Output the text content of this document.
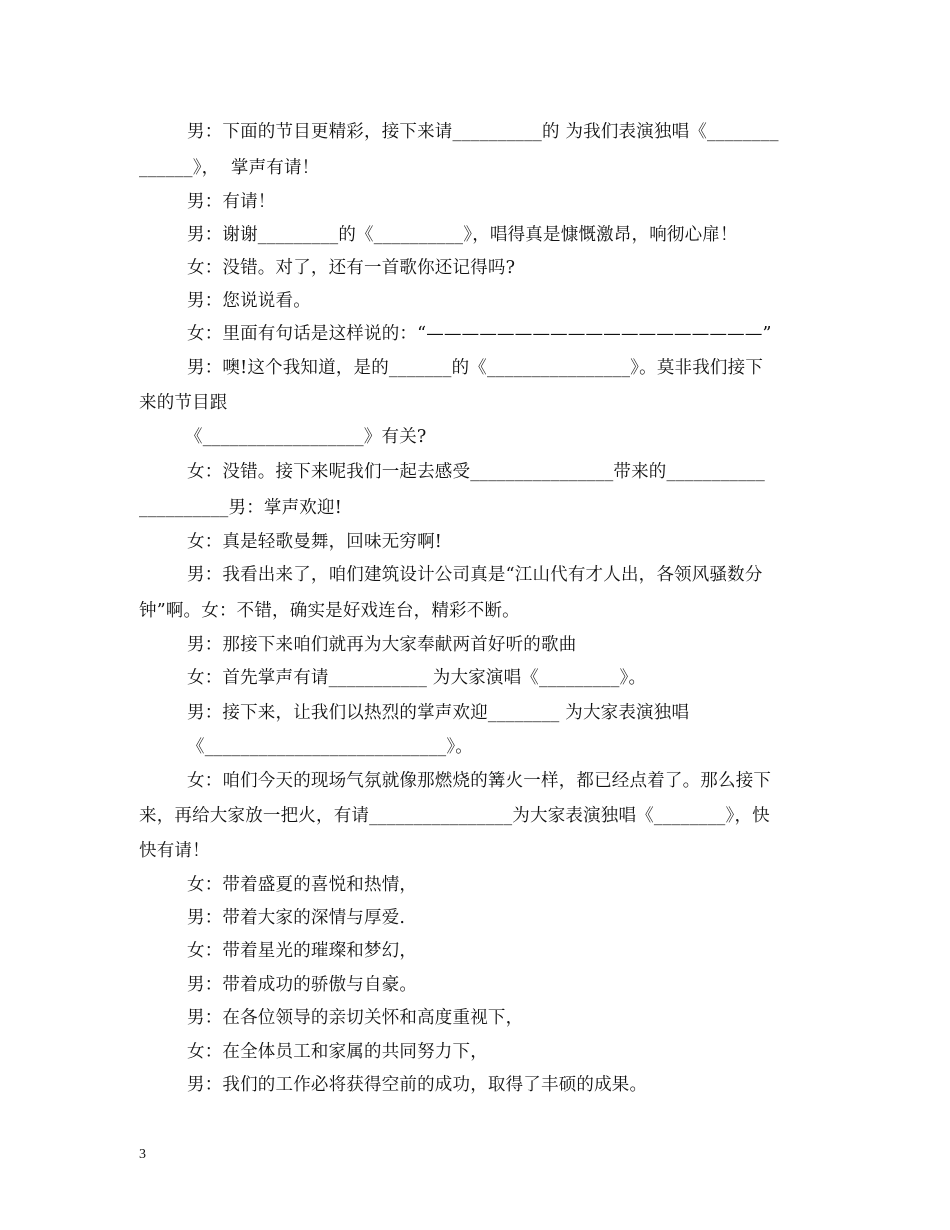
男：下面的节目更精彩，接下来请__________的 为我们表演独唱《________
______》，  掌声有请！
男：有请！
男：谢谢_________的《__________》，唱得真是慷慨激昂，响彻心扉！
女：没错。对了，还有一首歌你还记得吗?
男：您说说看。
女：里面有句话是这样说的：“———————————————————”
男：噢!这个我知道，是的_______的《________________》。莫非我们接下
来的节目跟
《__________________》有关?
女：没错。接下来呢我们一起去感受________________带来的___________
__________男：掌声欢迎!
女：真是轻歌曼舞，回味无穷啊!
男：我看出来了，咱们建筑设计公司真是“江山代有才人出，各领风骚数分
钟”啊。女：不错，确实是好戏连台，精彩不断。
男：那接下来咱们就再为大家奉献两首好听的歌曲
女：首先掌声有请___________ 为大家演唱《_________》。
男：接下来，让我们以热烈的掌声欢迎________ 为大家表演独唱
《___________________________》。
女：咱们今天的现场气氛就像那燃烧的篝火一样，都已经点着了。那么接下
来，再给大家放一把火，有请________________为大家表演独唱《________》，快
快有请！
女：带着盛夏的喜悦和热情，
男：带着大家的深情与厚爱.
女：带着星光的璀璨和梦幻，
男：带着成功的骄傲与自豪。
男：在各位领导的亲切关怀和高度重视下，
女：在全体员工和家属的共同努力下，
男：我们的工作必将获得空前的成功，取得了丰硕的成果。
3
